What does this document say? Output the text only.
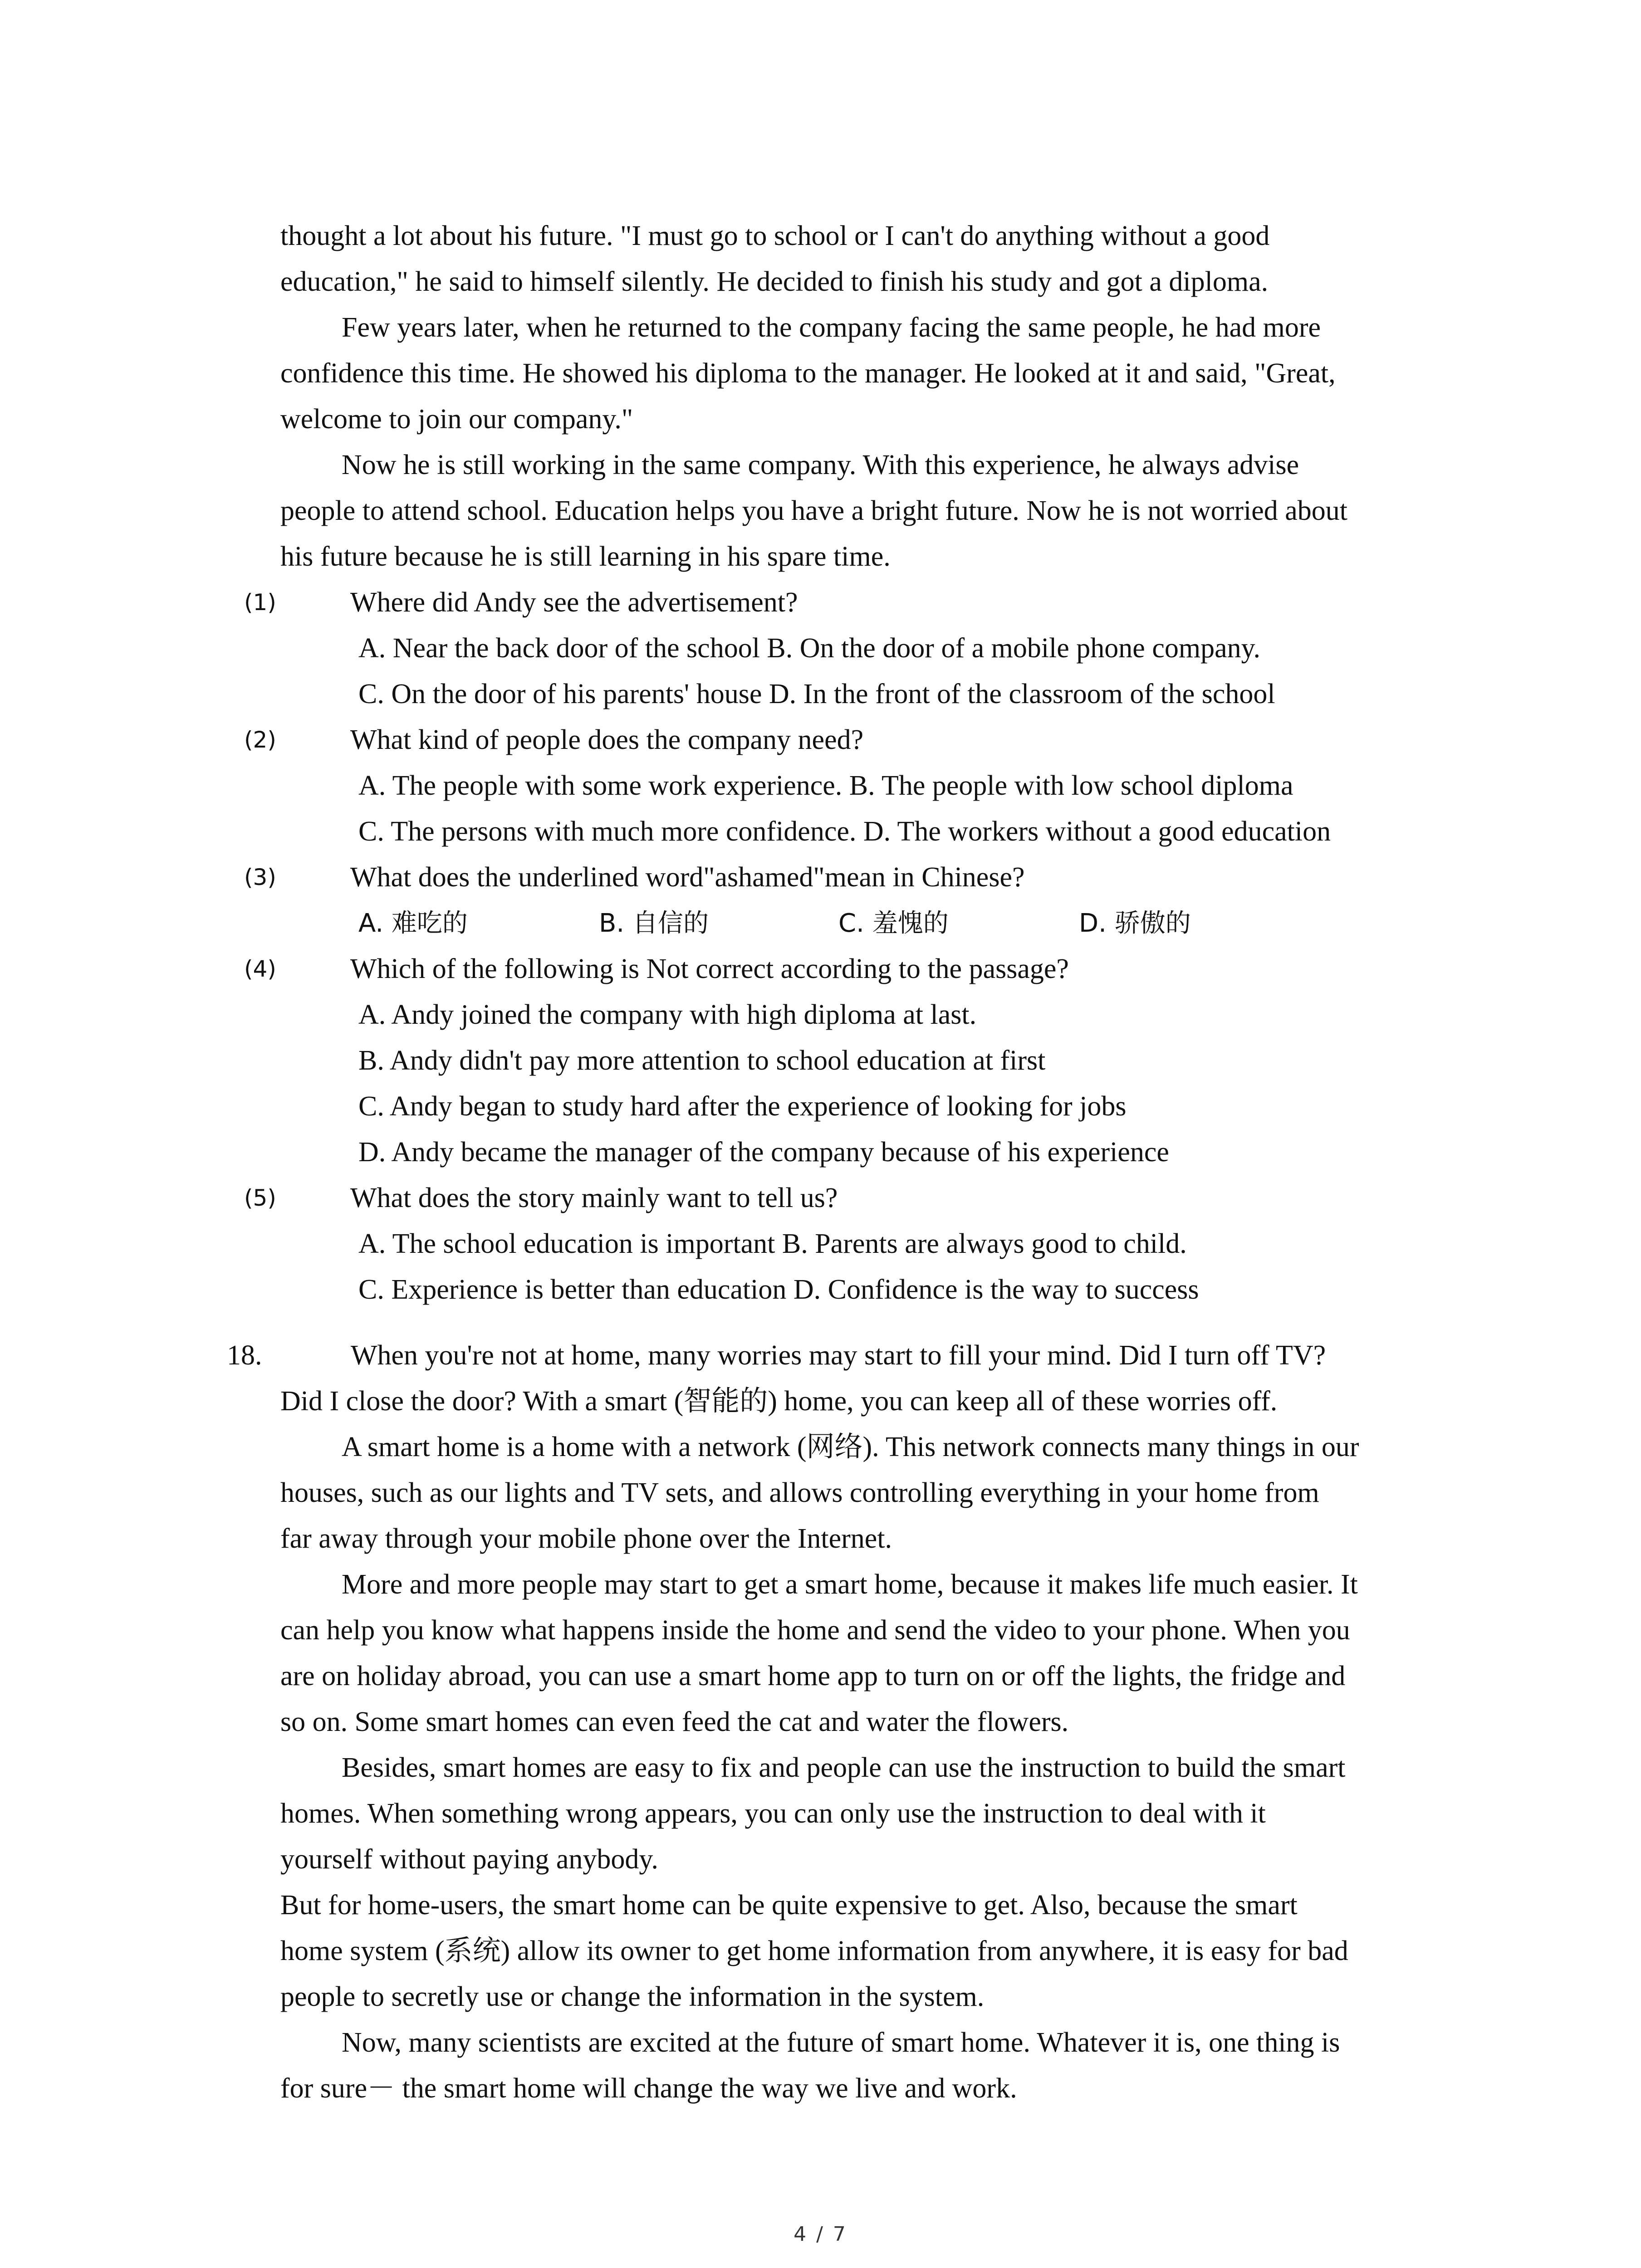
thought a lot about his future. "I must go to school or I can't do anything without a good
education," he said to himself silently. He decided to finish his study and got a diploma.
Few years later, when he returned to the company facing the same people, he had more
confidence this time. He showed his diploma to the manager. He looked at it and said, "Great,
welcome to join our company."
Now he is still working in the same company. With this experience, he always advise
people to attend school. Education helps you have a bright future. Now he is not worried about
his future because he is still learning in his spare time.
(1)	Where did Andy see the advertisement?
A. Near the back door of the school B. On the door of a mobile phone company.
C. On the door of his parents' house D. In the front of the classroom of the school
(2)	What kind of people does the company need?
A. The people with some work experience. B. The people with low school diploma
C. The persons with much more confidence. D. The workers without a good education
(3)	What does the underlined word"ashamed"mean in Chinese?
A. 难吃的	B. 自信的	C. 羞愧的	D. 骄傲的
(4)	Which of the following is Not correct according to the passage?
A. Andy joined the company with high diploma at last.
B. Andy didn't pay more attention to school education at first
C. Andy began to study hard after the experience of looking for jobs
D. Andy became the manager of the company because of his experience
(5)	What does the story mainly want to tell us?
A. The school education is important B. Parents are always good to child.
C. Experience is better than education D. Confidence is the way to success
18.	When you're not at home, many worries may start to fill your mind. Did I turn off TV?
Did I close the door? With a smart (智能的) home, you can keep all of these worries off.
A smart home is a home with a network (网络). This network connects many things in our
houses, such as our lights and TV sets, and allows controlling everything in your home from
far away through your mobile phone over the Internet.
More and more people may start to get a smart home, because it makes life much easier. It
can help you know what happens inside the home and send the video to your phone. When you
are on holiday abroad, you can use a smart home app to turn on or off the lights, the fridge and
so on. Some smart homes can even feed the cat and water the flowers.
Besides, smart homes are easy to fix and people can use the instruction to build the smart
homes. When something wrong appears, you can only use the instruction to deal with it
yourself without paying anybody.
But for home-users, the smart home can be quite expensive to get. Also, because the smart
home system (系统) allow its owner to get home information from anywhere, it is easy for bad
people to secretly use or change the information in the system.
Now, many scientists are excited at the future of smart home. Whatever it is, one thing is
for sure－ the smart home will change the way we live and work.
4 / 7
